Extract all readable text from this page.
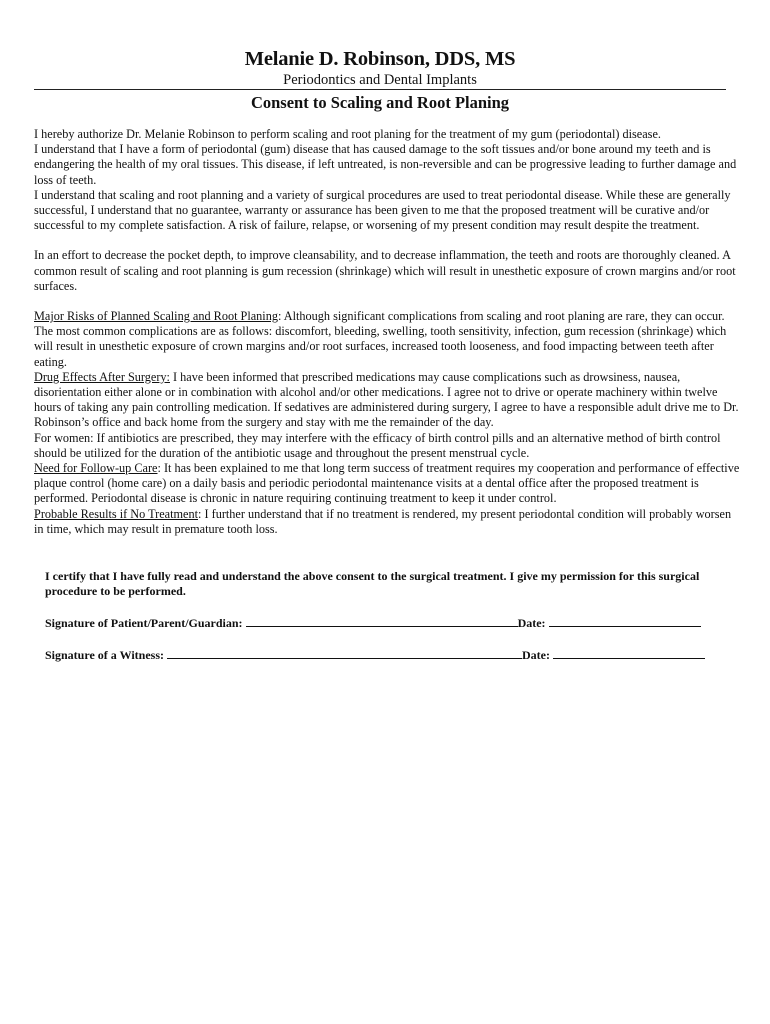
Melanie D. Robinson, DDS, MS
Periodontics and Dental Implants
Consent to Scaling and Root Planing

I hereby authorize Dr. Melanie Robinson to perform scaling and root planing for the treatment of my gum (periodontal) disease.

I understand that I have a form of periodontal (gum) disease that has caused damage to the soft tissues and/or bone around my teeth and is endangering the health of my oral tissues. This disease, if left untreated, is non-reversible and can be progressive leading to further damage and loss of teeth.

I understand that scaling and root planning and a variety of surgical procedures are used to treat periodontal disease. While these are generally successful, I understand that no guarantee, warranty or assurance has been given to me that the proposed treatment will be curative and/or successful to my complete satisfaction. A risk of failure, relapse, or worsening of my present condition may result despite the treatment.

In an effort to decrease the pocket depth, to improve cleansability, and to decrease inflammation, the teeth and roots are thoroughly cleaned. A common result of scaling and root planning is gum recession (shrinkage) which will result in unesthetic exposure of crown margins and/or root surfaces.

Major Risks of Planned Scaling and Root Planing: Although significant complications from scaling and root planing are rare, they can occur. The most common complications are as follows: discomfort, bleeding, swelling, tooth sensitivity, infection, gum recession (shrinkage) which will result in unesthetic exposure of crown margins and/or root surfaces, increased tooth looseness, and food impacting between teeth after eating.

Drug Effects After Surgery: I have been informed that prescribed medications may cause complications such as drowsiness, nausea, disorientation either alone or in combination with alcohol and/or other medications. I agree not to drive or operate machinery within twelve hours of taking any pain controlling medication. If sedatives are administered during surgery, I agree to have a responsible adult drive me to Dr. Robinson’s office and back home from the surgery and stay with me the remainder of the day.

For women: If antibiotics are prescribed, they may interfere with the efficacy of birth control pills and an alternative method of birth control should be utilized for the duration of the antibiotic usage and throughout the present menstrual cycle.

Need for Follow-up Care: It has been explained to me that long term success of treatment requires my cooperation and performance of effective plaque control (home care) on a daily basis and periodic periodontal maintenance visits at a dental office after the proposed treatment is performed. Periodontal disease is chronic in nature requiring continuing treatment to keep it under control.

Probable Results if No Treatment: I further understand that if no treatment is rendered, my present periodontal condition will probably worsen in time, which may result in premature tooth loss.

I certify that I have fully read and understand the above consent to the surgical treatment. I give my permission for this surgical procedure to be performed.
Signature of Patient/Parent/Guardian:	Date:
Signature of a Witness:	Date:
